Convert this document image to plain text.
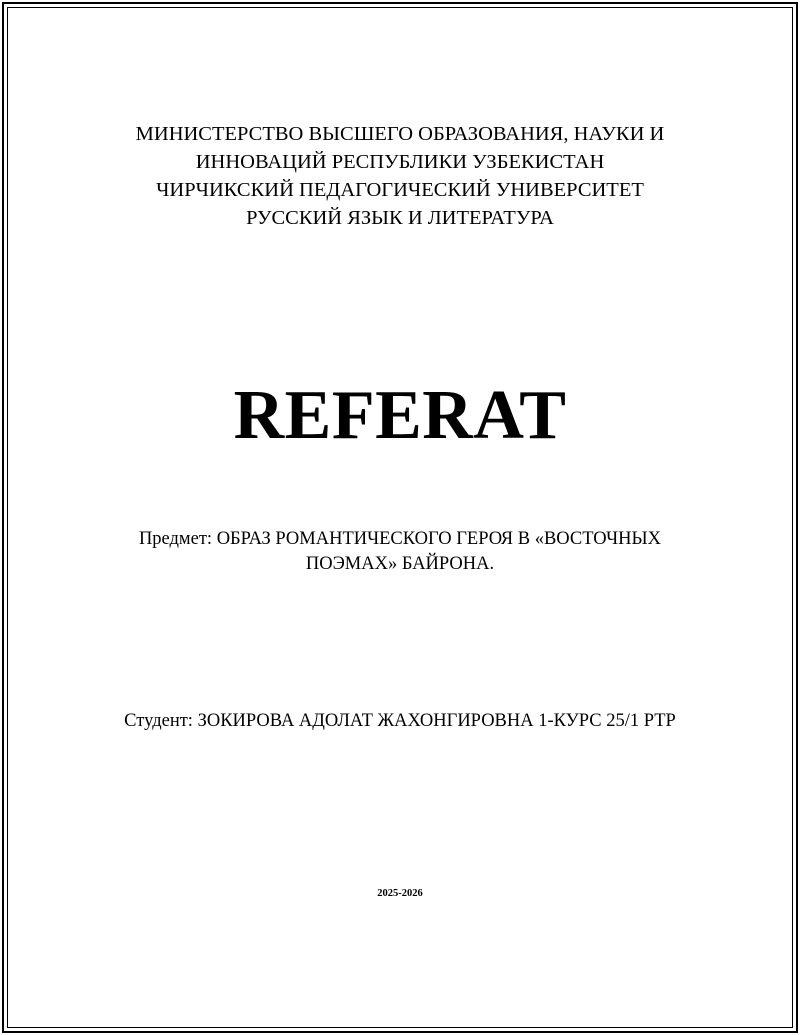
МИНИСТЕРСТВО ВЫСШЕГО ОБРАЗОВАНИЯ, НАУКИ И
ИННОВАЦИЙ РЕСПУБЛИКИ УЗБЕКИСТАН
ЧИРЧИКСКИЙ ПЕДАГОГИЧЕСКИЙ УНИВЕРСИТЕТ
РУССКИЙ ЯЗЫК И ЛИТЕРАТУРА
REFERAT
Предмет: ОБРАЗ РОМАНТИЧЕСКОГО ГЕРОЯ В «ВОСТОЧНЫХ
ПОЭМАХ» БАЙРОНА.
Студент: ЗОКИРОВА АДОЛАТ ЖАХОНГИРОВНА 1-КУРС 25/1 РТР
2025-2026
